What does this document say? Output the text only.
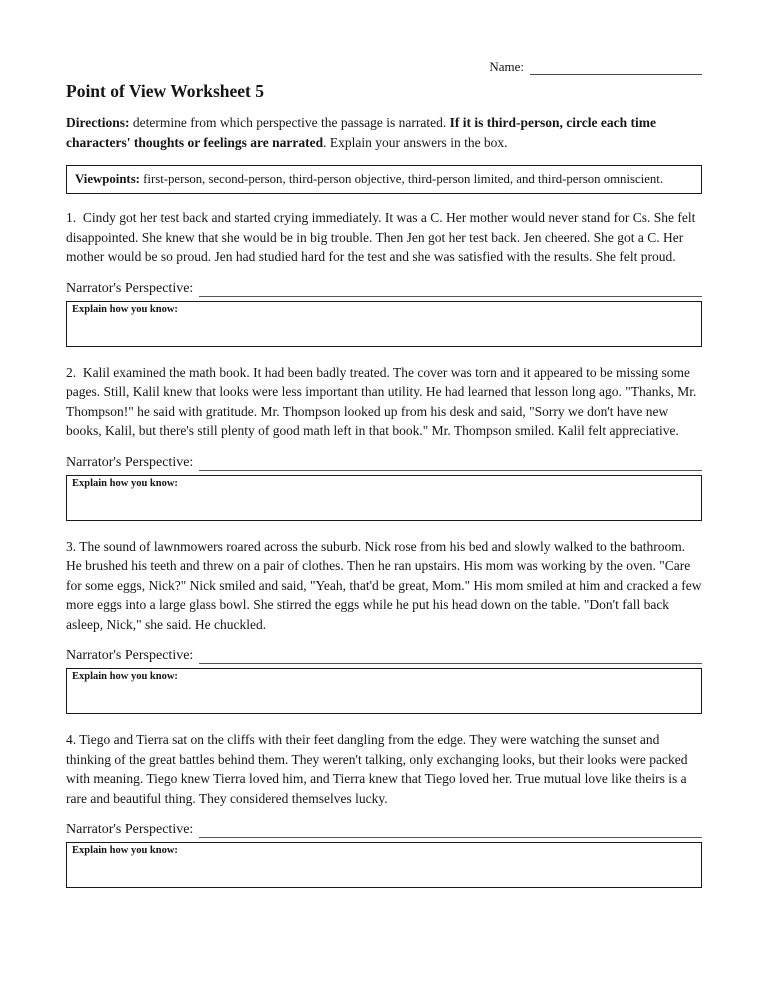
Name:
Point of View Worksheet 5
Directions: determine from which perspective the passage is narrated. If it is third-person, circle each time characters' thoughts or feelings are narrated. Explain your answers in the box.
Viewpoints: first-person, second-person, third-person objective, third-person limited, and third-person omniscient.
1.  Cindy got her test back and started crying immediately. It was a C. Her mother would never stand for Cs. She felt disappointed. She knew that she would be in big trouble. Then Jen got her test back. Jen cheered. She got a C. Her mother would be so proud. Jen had studied hard for the test and she was satisfied with the results. She felt proud.
Narrator's Perspective:
Explain how you know:
2.  Kalil examined the math book. It had been badly treated. The cover was torn and it appeared to be missing some pages. Still, Kalil knew that looks were less important than utility. He had learned that lesson long ago. "Thanks, Mr. Thompson!" he said with gratitude. Mr. Thompson looked up from his desk and said, "Sorry we don't have new books, Kalil, but there's still plenty of good math left in that book." Mr. Thompson smiled. Kalil felt appreciative.
Narrator's Perspective:
Explain how you know:
3. The sound of lawnmowers roared across the suburb. Nick rose from his bed and slowly walked to the bathroom. He brushed his teeth and threw on a pair of clothes. Then he ran upstairs. His mom was working by the oven. "Care for some eggs, Nick?" Nick smiled and said, "Yeah, that'd be great, Mom." His mom smiled at him and cracked a few more eggs into a large glass bowl. She stirred the eggs while he put his head down on the table. "Don't fall back asleep, Nick," she said. He chuckled.
Narrator's Perspective:
Explain how you know:
4. Tiego and Tierra sat on the cliffs with their feet dangling from the edge. They were watching the sunset and thinking of the great battles behind them. They weren't talking, only exchanging looks, but their looks were packed with meaning. Tiego knew Tierra loved him, and Tierra knew that Tiego loved her. True mutual love like theirs is a rare and beautiful thing. They considered themselves lucky.
Narrator's Perspective:
Explain how you know:
